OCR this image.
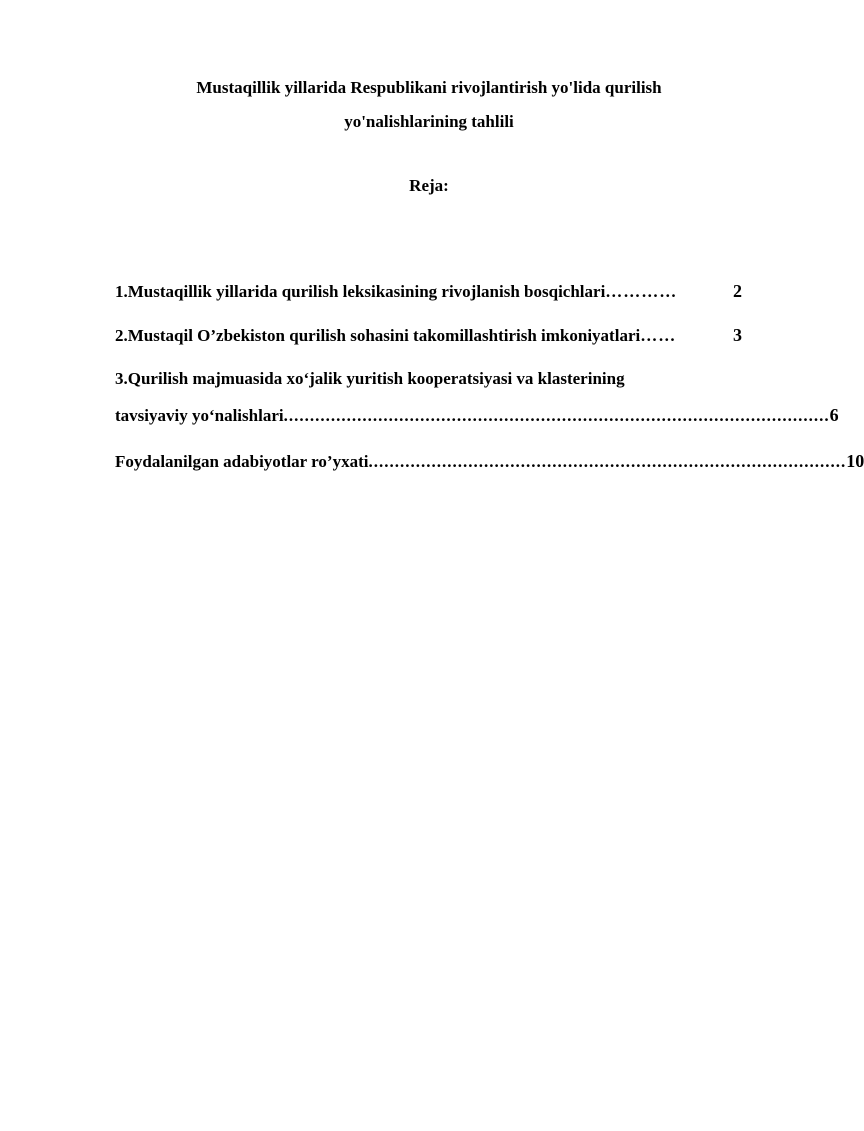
Mustaqillik yillarida Respublikani rivojlantirish yo'lida qurilish
yo'nalishlarining tahlili
Reja:
1.Mustaqillik yillarida qurilish leksikasining rivojlanish bosqichlari …………	2
2.Mustaqil O’zbekiston qurilish sohasini takomillashtirish imkoniyatlari ……	3
3.Qurilish majmuasida xo‘jalik yuritish kooperatsiyasi va klasterining
tavsiyaviy yo‘nalishlari ........................................................................................................ 6
Foydalanilgan adabiyotlar ro’yxati ........................................................................................... 10
